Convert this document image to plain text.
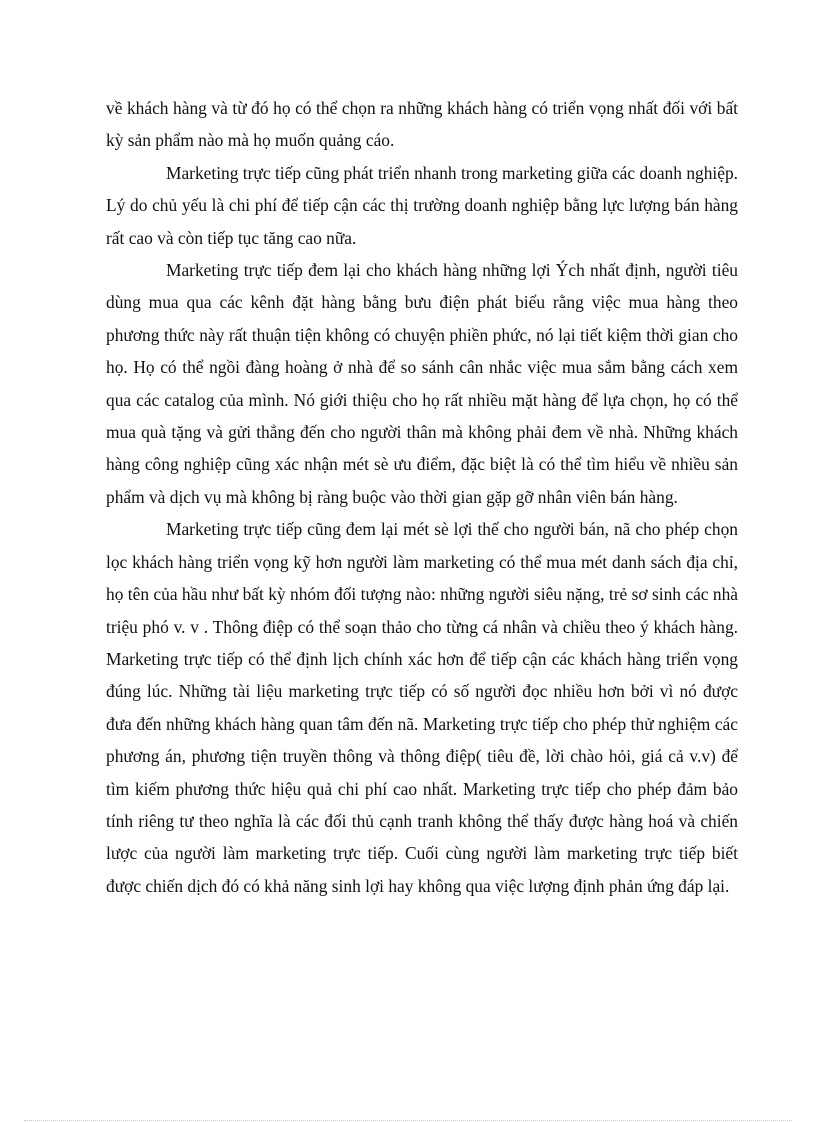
về khách hàng và từ đó họ có thể chọn ra những khách hàng có triển vọng nhất đối với bất kỳ sản phẩm nào mà họ muốn quảng cáo.

Marketing trực tiếp cũng phát triển nhanh trong marketing giữa các doanh nghiệp. Lý do chủ yếu là chi phí để tiếp cận các thị trường doanh nghiệp bằng lực lượng bán hàng rất cao và còn tiếp tục tăng cao nữa.

Marketing trực tiếp đem lại cho khách hàng những lợi Ých nhất định, người tiêu dùng mua qua các kênh đặt hàng bằng bưu điện phát biểu rằng việc mua hàng theo phương thức này rất thuận tiện không có chuyện phiền phức, nó lại tiết kiệm thời gian cho họ. Họ có thể ngồi đàng hoàng ở nhà để so sánh cân nhắc việc mua sắm bằng cách xem qua các catalog của mình. Nó giới thiệu cho họ rất nhiều mặt hàng để lựa chọn, họ có thể mua quà tặng và gửi thẳng đến cho người thân mà không phải đem về nhà. Những khách hàng công nghiệp cũng xác nhận mét sè ưu điểm, đặc biệt là có thể tìm hiểu về nhiều sản phẩm và dịch vụ mà không bị ràng buộc vào thời gian gặp gỡ nhân viên bán hàng.

Marketing trực tiếp cũng đem lại mét sè lợi thế cho người bán, nã cho phép chọn lọc khách hàng triển vọng kỹ hơn người làm marketing có thể mua mét danh sách địa chỉ, họ tên của hầu như bất kỳ nhóm đối tượng nào: những người siêu nặng, trẻ sơ sinh các nhà triệu phó v. v . Thông điệp có thể soạn thảo cho từng cá nhân và chiều theo ý khách hàng. Marketing trực tiếp có thể định lịch chính xác hơn để tiếp cận các khách hàng triển vọng đúng lúc. Những tài liệu marketing trực tiếp có số người đọc nhiều hơn bởi vì nó được đưa đến những khách hàng quan tâm đến nã. Marketing trực tiếp cho phép thử nghiệm các phương án, phương tiện truyền thông và thông điệp( tiêu đề, lời chào hỏi, giá cả v.v) để tìm kiếm phương thức hiệu quả chi phí cao nhất. Marketing trực tiếp cho phép đảm bảo tính riêng tư theo nghĩa là các đối thủ cạnh tranh không thể thấy được hàng hoá và chiến lược của người làm marketing trực tiếp. Cuối cùng người làm marketing trực tiếp biết được chiến dịch đó có khả năng sinh lợi hay không qua việc lượng định phản ứng đáp lại.
